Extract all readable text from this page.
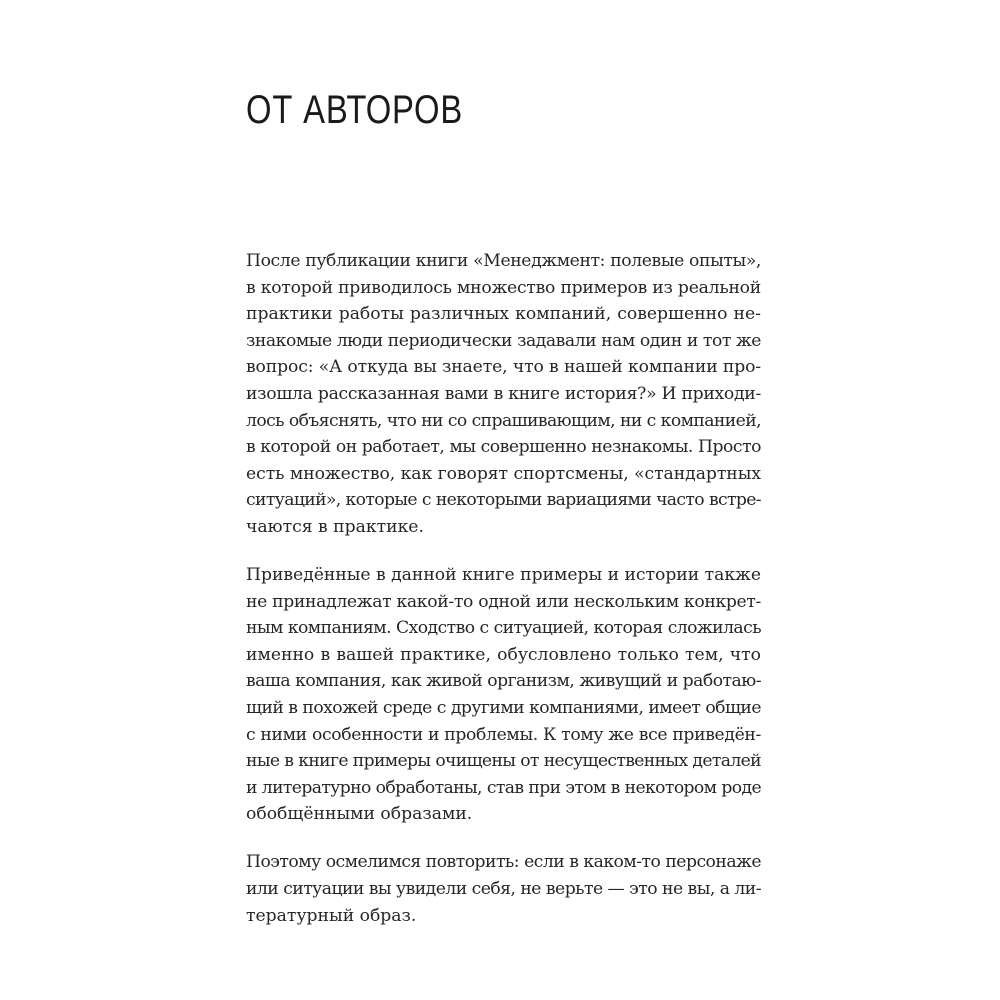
ОТ АВТОРОВ

После публикации книги «Менеджмент: полевые опыты»,
в которой приводилось множество примеров из реальной
практики работы различных компаний, совершенно не-
знакомые люди периодически задавали нам один и тот же
вопрос: «А откуда вы знаете, что в нашей компании про-
изошла рассказанная вами в книге история?» И приходи-
лось объяснять, что ни со спрашивающим, ни с компанией,
в которой он работает, мы совершенно незнакомы. Просто
есть множество, как говорят спортсмены, «стандартных
ситуаций», которые с некоторыми вариациями часто встре-
чаются в практике.

Приведённые в данной книге примеры и истории также
не принадлежат какой-то одной или нескольким конкрет-
ным компаниям. Сходство с ситуацией, которая сложилась
именно в вашей практике, обусловлено только тем, что
ваша компания, как живой организм, живущий и работаю-
щий в похожей среде с другими компаниями, имеет общие
с ними особенности и проблемы. К тому же все приведён-
ные в книге примеры очищены от несущественных деталей
и литературно обработаны, став при этом в некотором роде
обобщёнными образами.

Поэтому осмелимся повторить: если в каком-то персонаже
или ситуации вы увидели себя, не верьте — это не вы, а ли-
тературный образ.
